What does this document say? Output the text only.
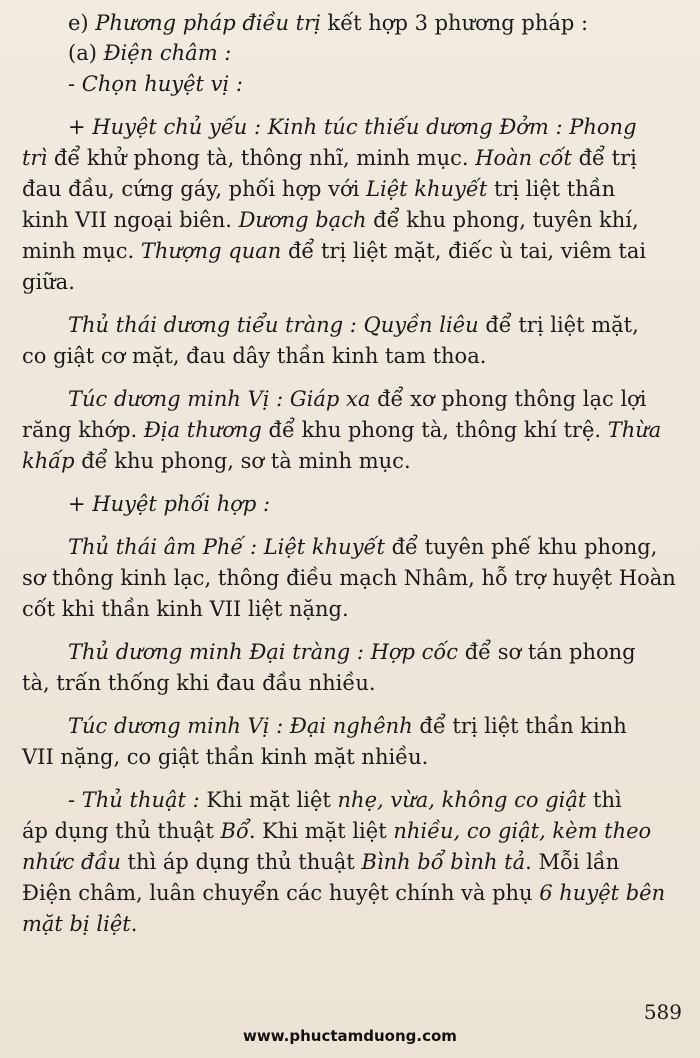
e) Phương pháp điều trị kết hợp 3 phương pháp :

(a) Điện châm :

- Chọn huyệt vị :

+ Huyệt chủ yếu : Kinh túc thiếu dương Đởm : Phong
trì để khử phong tà, thông nhĩ, minh mục. Hoàn cốt để trị
đau đầu, cứng gáy, phối hợp với Liệt khuyết trị liệt thần
kinh VII ngoại biên. Dương bạch để khu phong, tuyên khí,
minh mục. Thượng quan để trị liệt mặt, điếc ù tai, viêm tai
giữa.
Thủ thái dương tiểu tràng : Quyền liêu để trị liệt mặt,
co giật cơ mặt, đau dây thần kinh tam thoa.
Túc dương minh Vị : Giáp xa để xơ phong thông lạc lợi
răng khớp. Địa thương để khu phong tà, thông khí trệ. Thừa
khấp để khu phong, sơ tà minh mục.

+ Huyệt phối hợp :

Thủ thái âm Phế : Liệt khuyết để tuyên phế khu phong,
sơ thông kinh lạc, thông điều mạch Nhâm, hỗ trợ huyệt Hoàn
cốt khi thần kinh VII liệt nặng.
Thủ dương minh Đại tràng : Hợp cốc để sơ tán phong
tà, trấn thống khi đau đầu nhiều.
Túc dương minh Vị : Đại nghênh để trị liệt thần kinh
VII nặng, co giật thần kinh mặt nhiều.
- Thủ thuật : Khi mặt liệt nhẹ, vừa, không co giật thì
áp dụng thủ thuật Bổ. Khi mặt liệt nhiều, co giật, kèm theo
nhức đầu thì áp dụng thủ thuật Bình bổ bình tả. Mỗi lần
Điện châm, luân chuyển các huyệt chính và phụ 6 huyệt bên
mặt bị liệt.
589
www.phuctamduong.com
